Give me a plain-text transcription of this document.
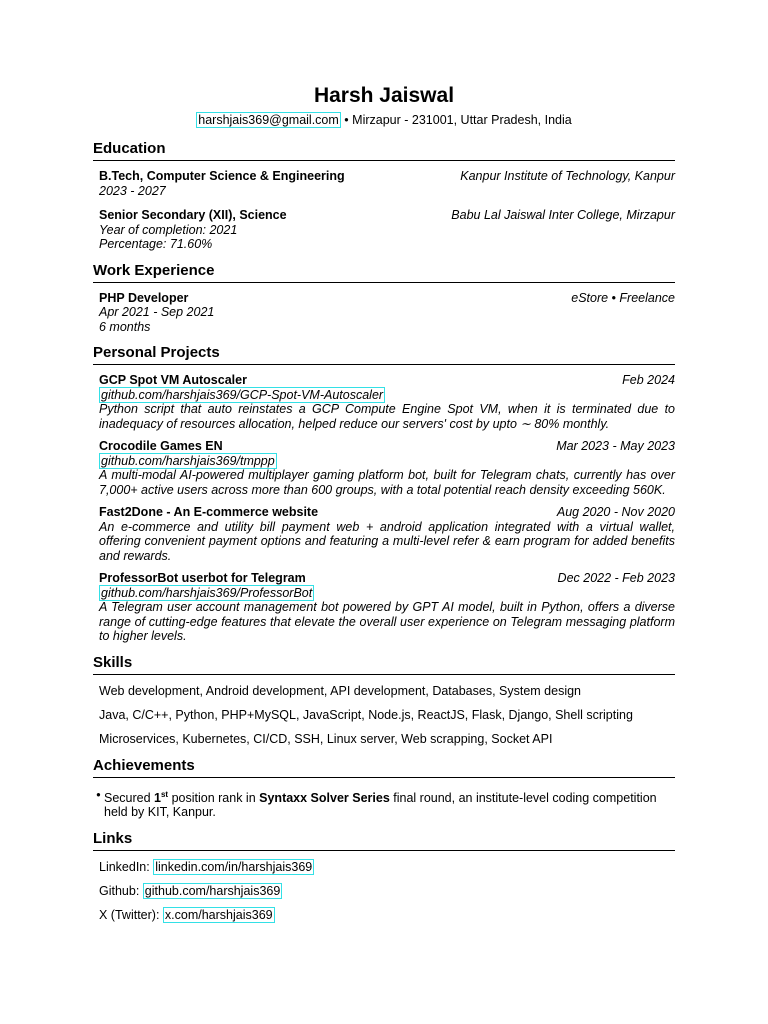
Harsh Jaiswal
harshjais369@gmail.com • Mirzapur - 231001, Uttar Pradesh, India
Education
B.Tech, Computer Science & Engineering	Kanpur Institute of Technology, Kanpur
2023 - 2027
Senior Secondary (XII), Science	Babu Lal Jaiswal Inter College, Mirzapur
Year of completion: 2021
Percentage: 71.60%
Work Experience
PHP Developer	eStore • Freelance
Apr 2021 - Sep 2021
6 months
Personal Projects
GCP Spot VM Autoscaler	Feb 2024
github.com/harshjais369/GCP-Spot-VM-Autoscaler
Python script that auto reinstates a GCP Compute Engine Spot VM, when it is terminated due to inadequacy of resources allocation, helped reduce our servers' cost by upto ∼ 80% monthly.
Crocodile Games EN	Mar 2023 - May 2023
github.com/harshjais369/tmppp
A multi-modal AI-powered multiplayer gaming platform bot, built for Telegram chats, currently has over 7,000+ active users across more than 600 groups, with a total potential reach density exceeding 560K.
Fast2Done - An E-commerce website	Aug 2020 - Nov 2020
An e-commerce and utility bill payment web + android application integrated with a virtual wallet, offering convenient payment options and featuring a multi-level refer & earn program for added benefits and rewards.
ProfessorBot userbot for Telegram	Dec 2022 - Feb 2023
github.com/harshjais369/ProfessorBot
A Telegram user account management bot powered by GPT AI model, built in Python, offers a diverse range of cutting-edge features that elevate the overall user experience on Telegram messaging platform to higher levels.
Skills
Web development, Android development, API development, Databases, System design
Java, C/C++, Python, PHP+MySQL, JavaScript, Node.js, ReactJS, Flask, Django, Shell scripting
Microservices, Kubernetes, CI/CD, SSH, Linux server, Web scrapping, Socket API
Achievements
• Secured 1st position rank in Syntaxx Solver Series final round, an institute-level coding competition held by KIT, Kanpur.
Links
LinkedIn: linkedin.com/in/harshjais369
Github: github.com/harshjais369
X (Twitter): x.com/harshjais369
